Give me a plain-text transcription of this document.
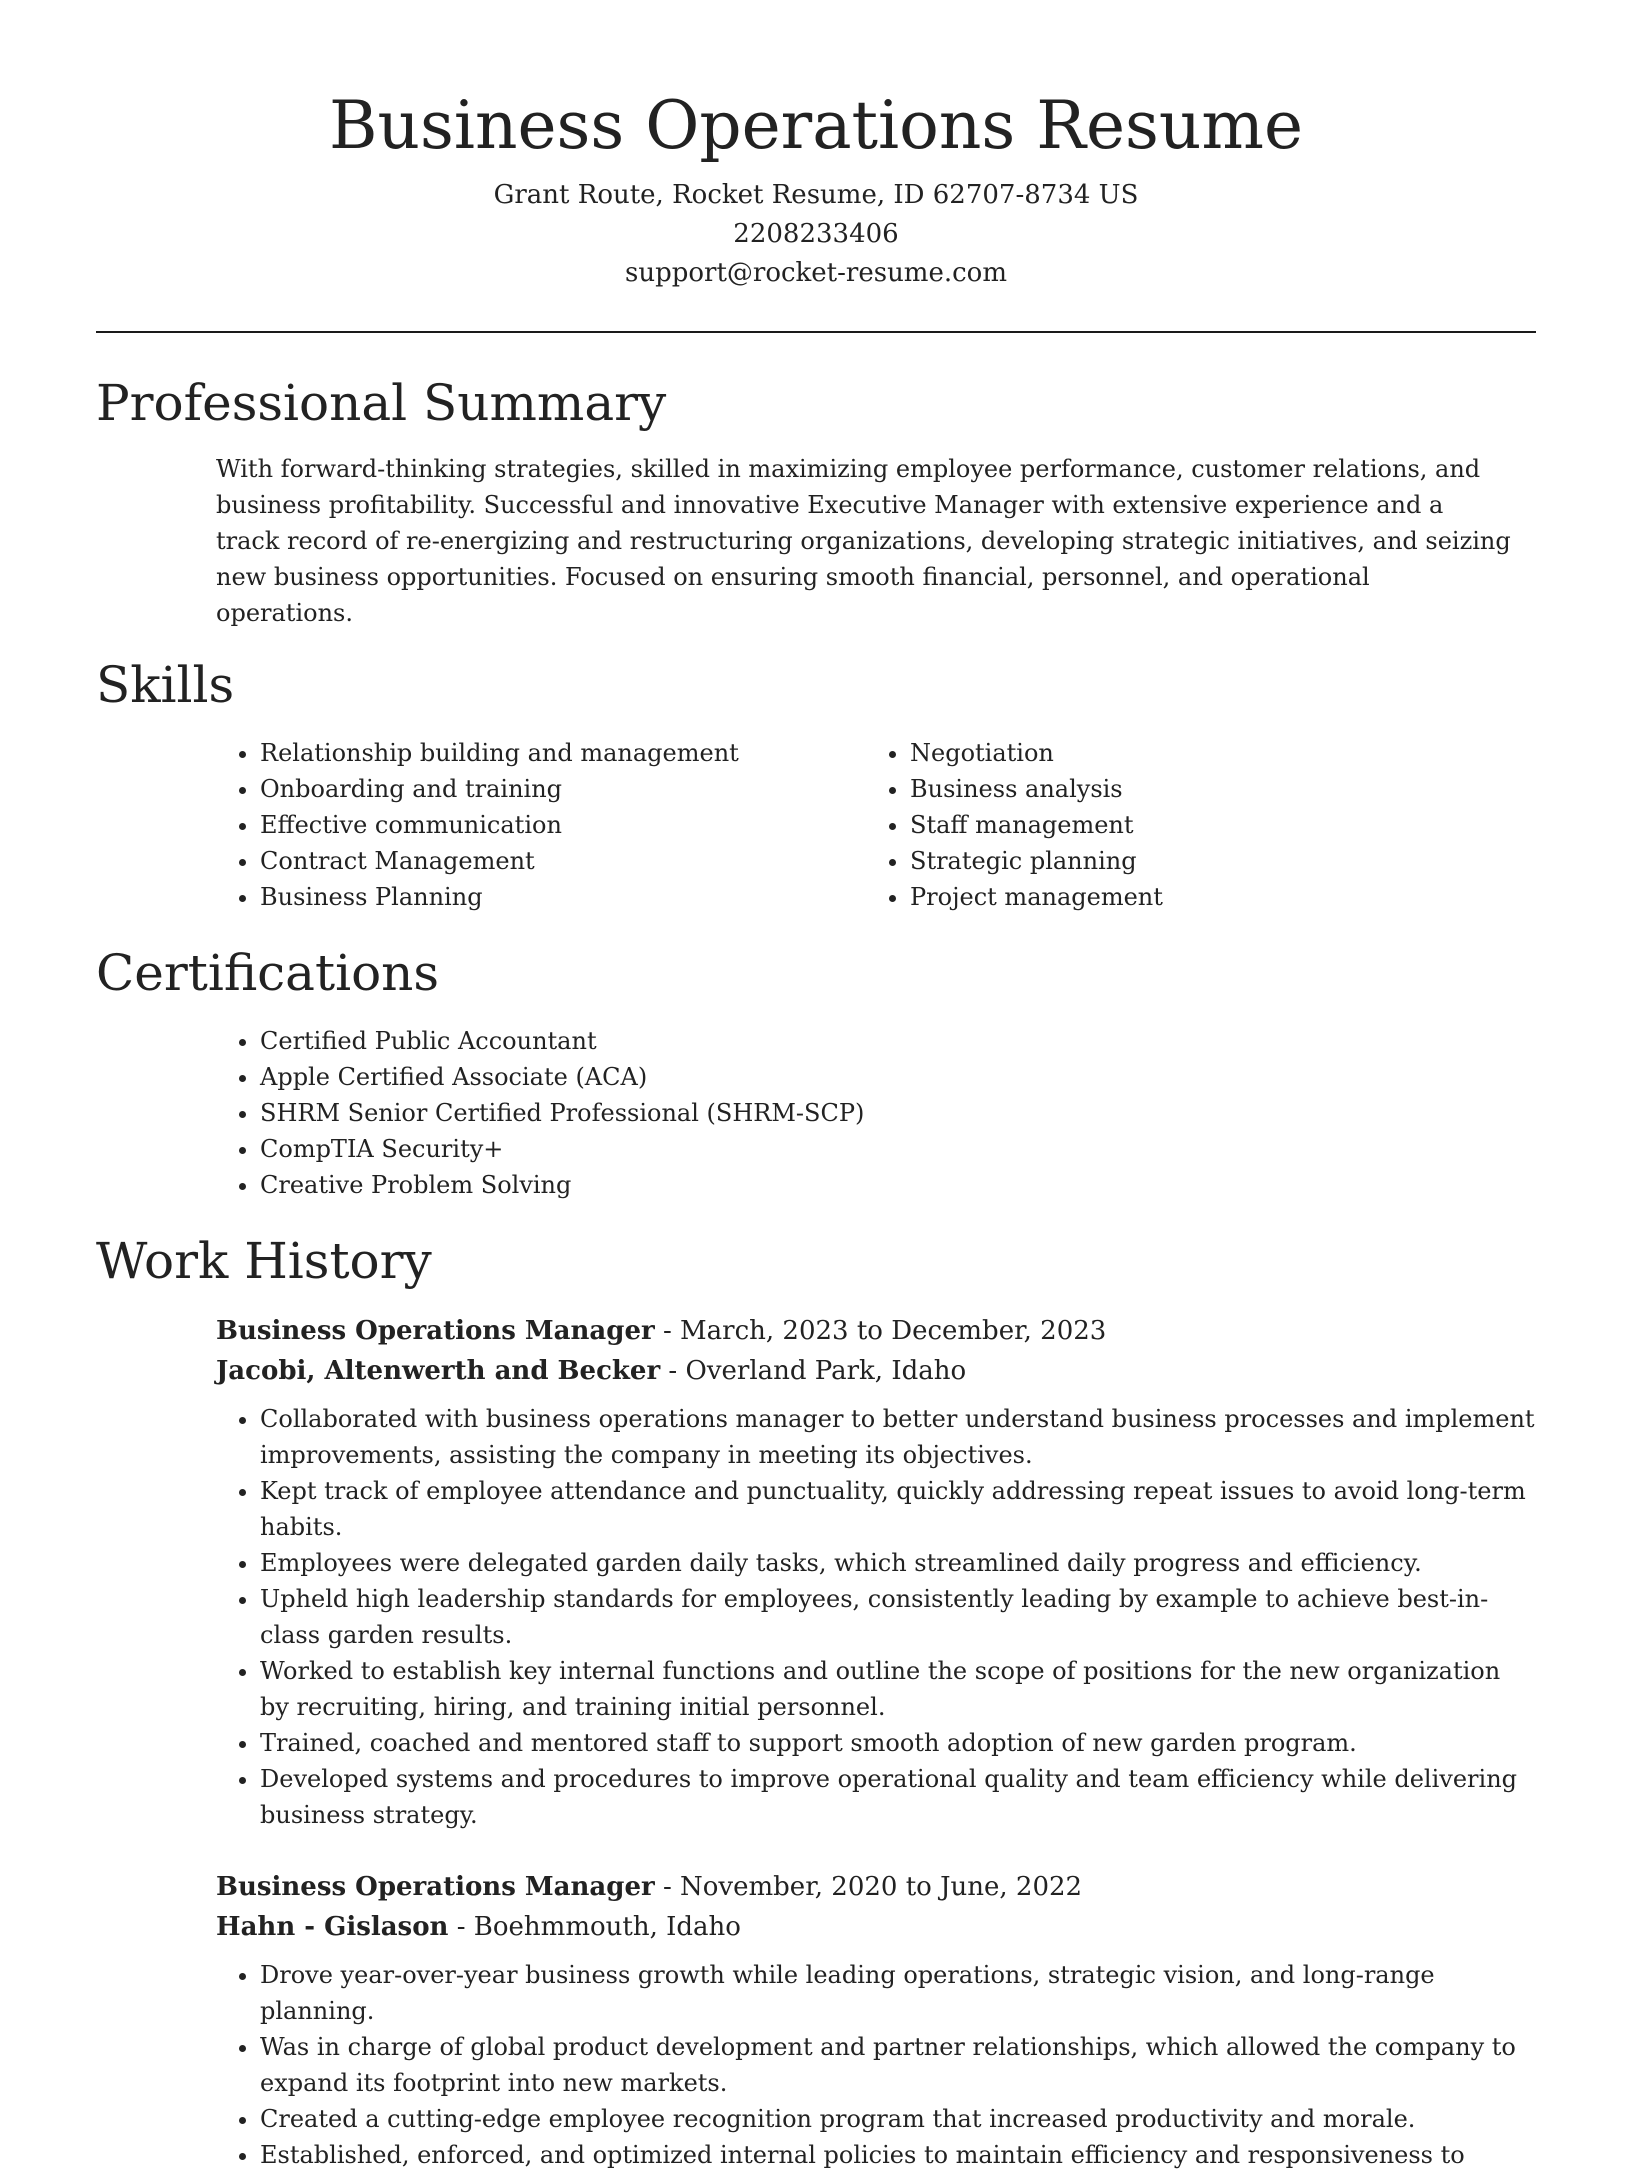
Business Operations Resume
Grant Route, Rocket Resume, ID 62707-8734 US
2208233406
support@rocket-resume.com
Professional Summary

With forward-thinking strategies, skilled in maximizing employee performance, customer relations, and business profitability. Successful and innovative Executive Manager with extensive experience and a track record of re-energizing and restructuring organizations, developing strategic initiatives, and seizing new business opportunities. Focused on ensuring smooth financial, personnel, and operational operations.

Skills
• Relationship building and management
• Onboarding and training
• Effective communication
• Contract Management
• Business Planning
• Negotiation
• Business analysis
• Staff management
• Strategic planning
• Project management
Certifications
• Certified Public Accountant
• Apple Certified Associate (ACA)
• SHRM Senior Certified Professional (SHRM-SCP)
• CompTIA Security+
• Creative Problem Solving
Work History
Business Operations Manager - March, 2023 to December, 2023
Jacobi, Altenwerth and Becker - Overland Park, Idaho
• Collaborated with business operations manager to better understand business processes and implement improvements, assisting the company in meeting its objectives.
• Kept track of employee attendance and punctuality, quickly addressing repeat issues to avoid long-term habits.
• Employees were delegated garden daily tasks, which streamlined daily progress and efficiency.
• Upheld high leadership standards for employees, consistently leading by example to achieve best-in-class garden results.
• Worked to establish key internal functions and outline the scope of positions for the new organization by recruiting, hiring, and training initial personnel.
• Trained, coached and mentored staff to support smooth adoption of new garden program.
• Developed systems and procedures to improve operational quality and team efficiency while delivering business strategy.
Business Operations Manager - November, 2020 to June, 2022
Hahn - Gislason - Boehmmouth, Idaho
• Drove year-over-year business growth while leading operations, strategic vision, and long-range planning.
• Was in charge of global product development and partner relationships, which allowed the company to expand its footprint into new markets.
• Created a cutting-edge employee recognition program that increased productivity and morale.
• Established, enforced, and optimized internal policies to maintain efficiency and responsiveness to
